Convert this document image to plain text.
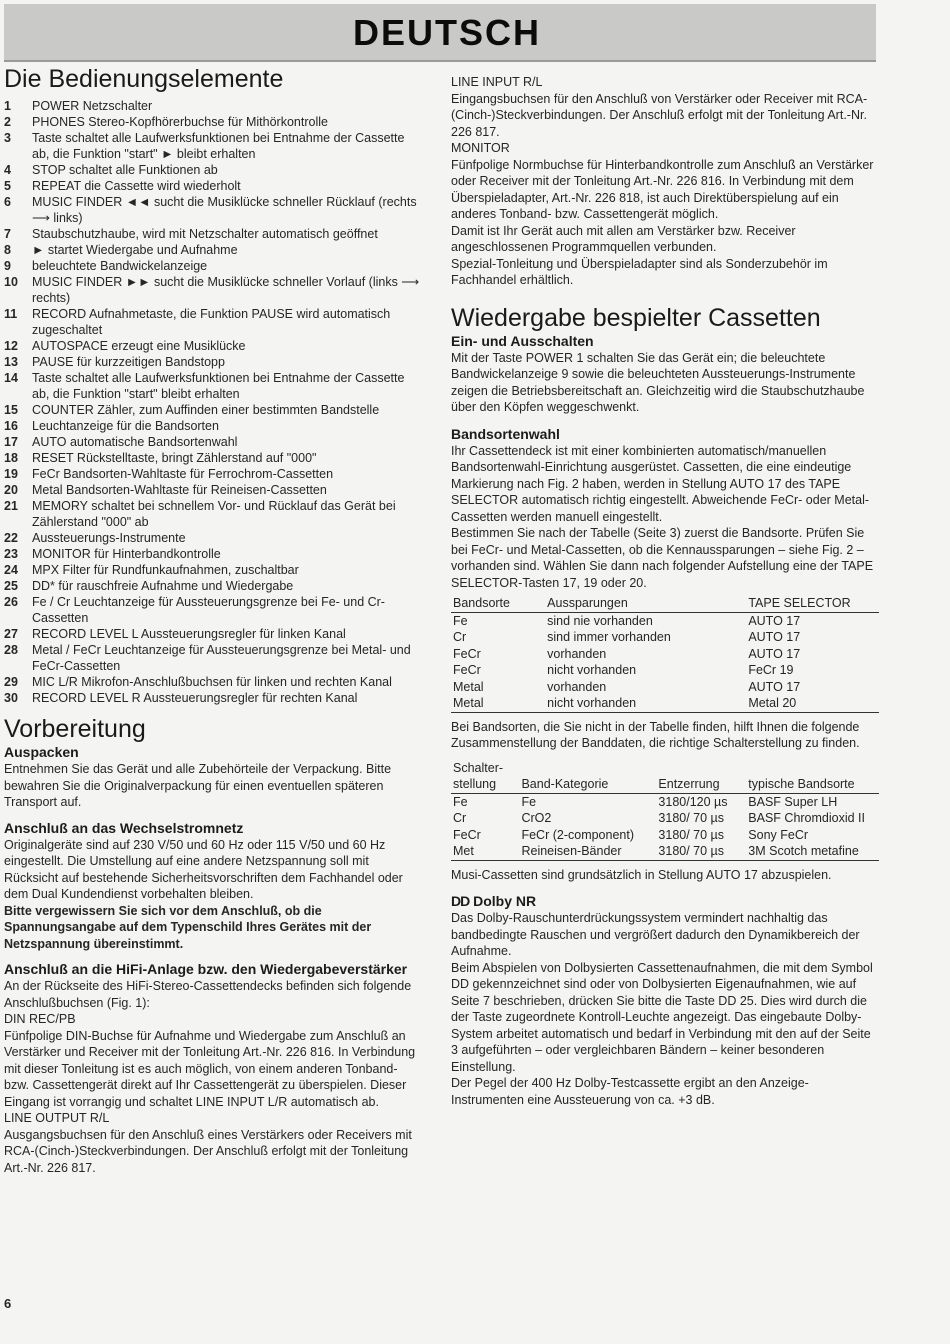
DEUTSCH
Die Bedienungselemente
1	POWER Netzschalter
2	PHONES Stereo-Kopfhörerbuchse für Mithörkontrolle
3	Taste schaltet alle Laufwerksfunktionen bei Entnahme der Cassette ab, die Funktion "start" ► bleibt erhalten
4	STOP schaltet alle Funktionen ab
5	REPEAT die Cassette wird wiederholt
6	MUSIC FINDER ◄◄ sucht die Musiklücke schneller Rücklauf (rechts ⟶ links)
7	Staubschutzhaube, wird mit Netzschalter automatisch geöffnet
8	► startet Wiedergabe und Aufnahme
9	beleuchtete Bandwickelanzeige
10	MUSIC FINDER ►► sucht die Musiklücke schneller Vorlauf (links ⟶ rechts)
11	RECORD Aufnahmetaste, die Funktion PAUSE wird automatisch zugeschaltet
12	AUTOSPACE erzeugt eine Musiklücke
13	PAUSE für kurzzeitigen Bandstopp
14	Taste schaltet alle Laufwerksfunktionen bei Entnahme der Cassette ab, die Funktion "start" bleibt erhalten
15	COUNTER Zähler, zum Auffinden einer bestimmten Bandstelle
16	Leuchtanzeige für die Bandsorten
17	AUTO automatische Bandsortenwahl
18	RESET Rückstelltaste, bringt Zählerstand auf "000"
19	FeCr Bandsorten-Wahltaste für Ferrochrom-Cassetten
20	Metal Bandsorten-Wahltaste für Reineisen-Cassetten
21	MEMORY schaltet bei schnellem Vor- und Rücklauf das Gerät bei Zählerstand "000" ab
22	Aussteuerungs-Instrumente
23	MONITOR für Hinterbandkontrolle
24	MPX Filter für Rundfunkaufnahmen, zuschaltbar
25	DD* für rauschfreie Aufnahme und Wiedergabe
26	Fe / Cr Leuchtanzeige für Aussteuerungsgrenze bei Fe- und Cr-Cassetten
27	RECORD LEVEL L Aussteuerungsregler für linken Kanal
28	Metal / FeCr Leuchtanzeige für Aussteuerungsgrenze bei Metal- und FeCr-Cassetten
29	MIC L/R Mikrofon-Anschlußbuchsen für linken und rechten Kanal
30	RECORD LEVEL R Aussteuerungsregler für rechten Kanal
Vorbereitung
Auspacken

Entnehmen Sie das Gerät und alle Zubehörteile der Verpackung. Bitte bewahren Sie die Originalverpackung für einen eventuellen späteren Transport auf.

Anschluß an das Wechselstromnetz

Originalgeräte sind auf 230 V/50 und 60 Hz oder 115 V/50 und 60 Hz eingestellt. Die Umstellung auf eine andere Netzspannung soll mit Rücksicht auf bestehende Sicherheitsvorschriften dem Fachhandel oder dem Dual Kundendienst vorbehalten bleiben.

Bitte vergewissern Sie sich vor dem Anschluß, ob die Spannungsangabe auf dem Typenschild Ihres Gerätes mit der Netzspannung übereinstimmt.

Anschluß an die HiFi-Anlage bzw. den Wiedergabeverstärker

An der Rückseite des HiFi-Stereo-Cassettendecks befinden sich folgende Anschlußbuchsen (Fig. 1):

DIN REC/PB

Fünfpolige DIN-Buchse für Aufnahme und Wiedergabe zum Anschluß an Verstärker und Receiver mit der Tonleitung Art.-Nr. 226 816. In Verbindung mit dieser Tonleitung ist es auch möglich, von einem anderen Tonband- bzw. Cassettengerät direkt auf Ihr Cassettengerät zu überspielen. Dieser Eingang ist vorrangig und schaltet LINE INPUT L/R automatisch ab.

LINE OUTPUT R/L

Ausgangsbuchsen für den Anschluß eines Verstärkers oder Receivers mit RCA-(Cinch-)Steckverbindungen. Der Anschluß erfolgt mit der Tonleitung Art.-Nr. 226 817.

6

LINE INPUT R/L

Eingangsbuchsen für den Anschluß von Verstärker oder Receiver mit RCA-(Cinch-)Steckverbindungen. Der Anschluß erfolgt mit der Tonleitung Art.-Nr. 226 817.

MONITOR

Fünfpolige Normbuchse für Hinterbandkontrolle zum Anschluß an Verstärker oder Receiver mit der Tonleitung Art.-Nr. 226 816. In Verbindung mit dem Überspieladapter, Art.-Nr. 226 818, ist auch Direktüberspielung auf ein anderes Tonband- bzw. Cassettengerät möglich.

Damit ist Ihr Gerät auch mit allen am Verstärker bzw. Receiver angeschlossenen Programmquellen verbunden.

Spezial-Tonleitung und Überspieladapter sind als Sonderzubehör im Fachhandel erhältlich.

Wiedergabe bespielter Cassetten
Ein- und Ausschalten

Mit der Taste POWER 1 schalten Sie das Gerät ein; die beleuchtete Bandwickelanzeige 9 sowie die beleuchteten Aussteuerungs-Instrumente zeigen die Betriebsbereitschaft an. Gleichzeitig wird die Staubschutzhaube über den Köpfen weggeschwenkt.

Bandsortenwahl

Ihr Cassettendeck ist mit einer kombinierten automatisch/manuellen Bandsortenwahl-Einrichtung ausgerüstet. Cassetten, die eine eindeutige Markierung nach Fig. 2 haben, werden in Stellung AUTO 17 des TAPE SELECTOR automatisch richtig eingestellt. Abweichende FeCr- oder Metal-Cassetten werden manuell eingestellt.

Bestimmen Sie nach der Tabelle (Seite 3) zuerst die Bandsorte. Prüfen Sie bei FeCr- und Metal-Cassetten, ob die Kennaussparungen – siehe Fig. 2 – vorhanden sind. Wählen Sie dann nach folgender Aufstellung eine der TAPE SELECTOR-Tasten 17, 19 oder 20.

Bandsorte	Aussparungen	TAPE SELECTOR
Fe	sind nie vorhanden	AUTO 17
Cr	sind immer vorhanden	AUTO 17
FeCr	vorhanden	AUTO 17
FeCr	nicht vorhanden	FeCr 19
Metal	vorhanden	AUTO 17
Metal	nicht vorhanden	Metal 20

Bei Bandsorten, die Sie nicht in der Tabelle finden, hilft Ihnen die folgende Zusammenstellung der Banddaten, die richtige Schalterstellung zu finden.

Schalter-stellung	Band-Kategorie	Entzerrung	typische Bandsorte
Fe	Fe	3180/120 µs	BASF Super LH
Cr	CrO2	3180/ 70 µs	BASF Chromdioxid II
FeCr	FeCr (2-component)	3180/ 70 µs	Sony FeCr
Met	Reineisen-Bänder	3180/ 70 µs	3M Scotch metafine

Musi-Cassetten sind grundsätzlich in Stellung AUTO 17 abzuspielen.

DD Dolby NR

Das Dolby-Rauschunterdrückungssystem vermindert nachhaltig das bandbedingte Rauschen und vergrößert dadurch den Dynamikbereich der Aufnahme.

Beim Abspielen von Dolbysierten Cassettenaufnahmen, die mit dem Symbol DD gekennzeichnet sind oder von Dolbysierten Eigenaufnahmen, wie auf Seite 7 beschrieben, drücken Sie bitte die Taste DD 25. Dies wird durch die der Taste zugeordnete Kontroll-Leuchte angezeigt. Das eingebaute Dolby-System arbeitet automatisch und bedarf in Verbindung mit den auf der Seite 3 aufgeführten – oder vergleichbaren Bändern – keiner besonderen Einstellung.

Der Pegel der 400 Hz Dolby-Testcassette ergibt an den Anzeige-Instrumenten eine Aussteuerung von ca. +3 dB.
